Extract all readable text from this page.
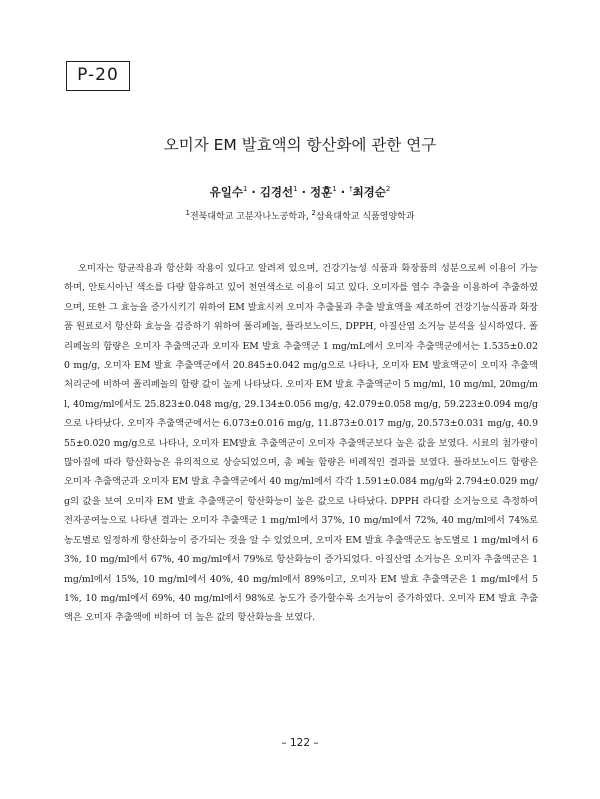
P-20
오미자 EM 발효액의 항산화에 관한 연구
유일수$^1$ · 김경선$^1$ · 정훈$^1$ · †최경순$^2$
$^1$전북대학교 고분자나노공학과, $^2$삼육대학교 식품영양학과

오미자는 항균작용과 항산화 작용이 있다고 알려져 있으며, 건강기능성 식품과 화장품의 성분으로써 이용이 가능하며, 안토시아닌 색소를 다량 함유하고 있어 천연색소로 이용이 되고 있다. 오미자를 열수 추출을 이용하여 추출하였으며, 또한 그 효능을 증가시키기 위하여 EM 발효시켜 오미자 추출물과 추출 발효액을 제조하여 건강기능식품과 화장품 원료로서 항산화 효능을 검증하기 위하여 폴리페놀, 플라보노이드, DPPH, 아질산염 소거능 분석을 실시하였다. 폴리페놀의 함량은 오미자 추출액군과 오미자 EM 발효 추출액군 1 mg/mL에서 오미자 추출액군에서는 1.535±0.020 mg/g, 오미자 EM 발효 추출액군에서 20.845±0.042 mg/g으로 나타나, 오미자 EM 발효액군이 오미자 추출액 처리군에 비하여 폴리페놀의 함량 값이 높게 나타났다. 오미자 EM 발효 추출액군이 5 mg/ml, 10 mg/ml, 20mg/ml, 40mg/ml에서도 25.823±0.048 mg/g, 29.134±0.056 mg/g, 42.079±0.058 mg/g, 59.223±0.094 mg/g으로 나타났다. 오미자 추출액군에서는 6.073±0.016 mg/g, 11.873±0.017 mg/g, 20.573±0.031 mg/g, 40.955±0.020 mg/g으로 나타나, 오미자 EM발효 추출액군이 오미자 추출액군보다 높은 값을 보였다. 시료의 첨가량이 많아짐에 따라 항산화능은 유의적으로 상승되었으며, 총 폐놀 함량은 비례적인 결과를 보였다. 플라보노이드 함량은 오미자 추출액군과 오미자 EM 발효 추출액군에서 40 mg/ml에서 각각 1.591±0.084 mg/g와 2.794±0.029 mg/g의 값을 보여 오미자 EM 발효 추출액군이 항산화능이 높은 값으로 나타났다. DPPH 라디칼 소거능으로 측정하여 전자공여능으로 나타낸 결과는 오미자 추출액군 1 mg/ml에서 37%, 10 mg/ml에서 72%, 40 mg/ml에서 74%로 농도별로 일정하게 항산화능이 증가되는 것을 알 수 있었으며, 오미자 EM 발효 추출액군도 농도별로 1 mg/ml에서 63%, 10 mg/ml에서 67%, 40 mg/ml에서 79%로 항산화능이 증가되었다. 아질산염 소거능은 오미자 추출액군은 1 mg/ml에서 15%, 10 mg/ml에서 40%, 40 mg/ml에서 89%이고, 오미자 EM 발효 추출액군은 1 mg/ml에서 51%, 10 mg/ml에서 69%, 40 mg/ml에서 98%로 농도가 증가할수록 소거능이 증가하였다. 오미자 EM 발효 추출액은 오미자 추출액에 비하여 더 높은 값의 항산화능을 보였다.

– 122 –
